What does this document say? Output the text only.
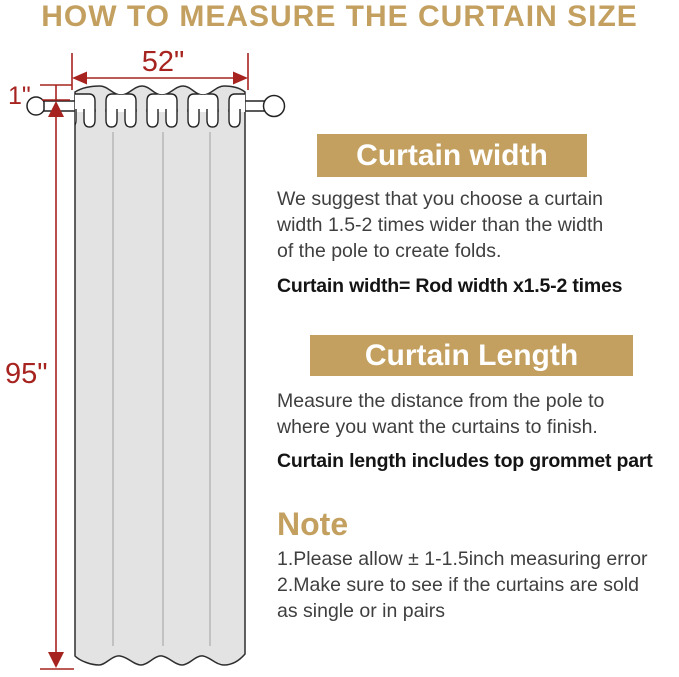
HOW TO MEASURE THE CURTAIN SIZE
52"
1"
95"
Curtain width
We suggest that you choose a curtain
width 1.5-2 times wider than the width
of the pole to create folds.
Curtain width= Rod width x1.5-2 times
Curtain Length
Measure the distance from the pole to
where you want the curtains to finish.
Curtain length includes top grommet part
Note
1.Please allow ± 1-1.5inch measuring error
2.Make sure to see if the curtains are sold
as single or in pairs
